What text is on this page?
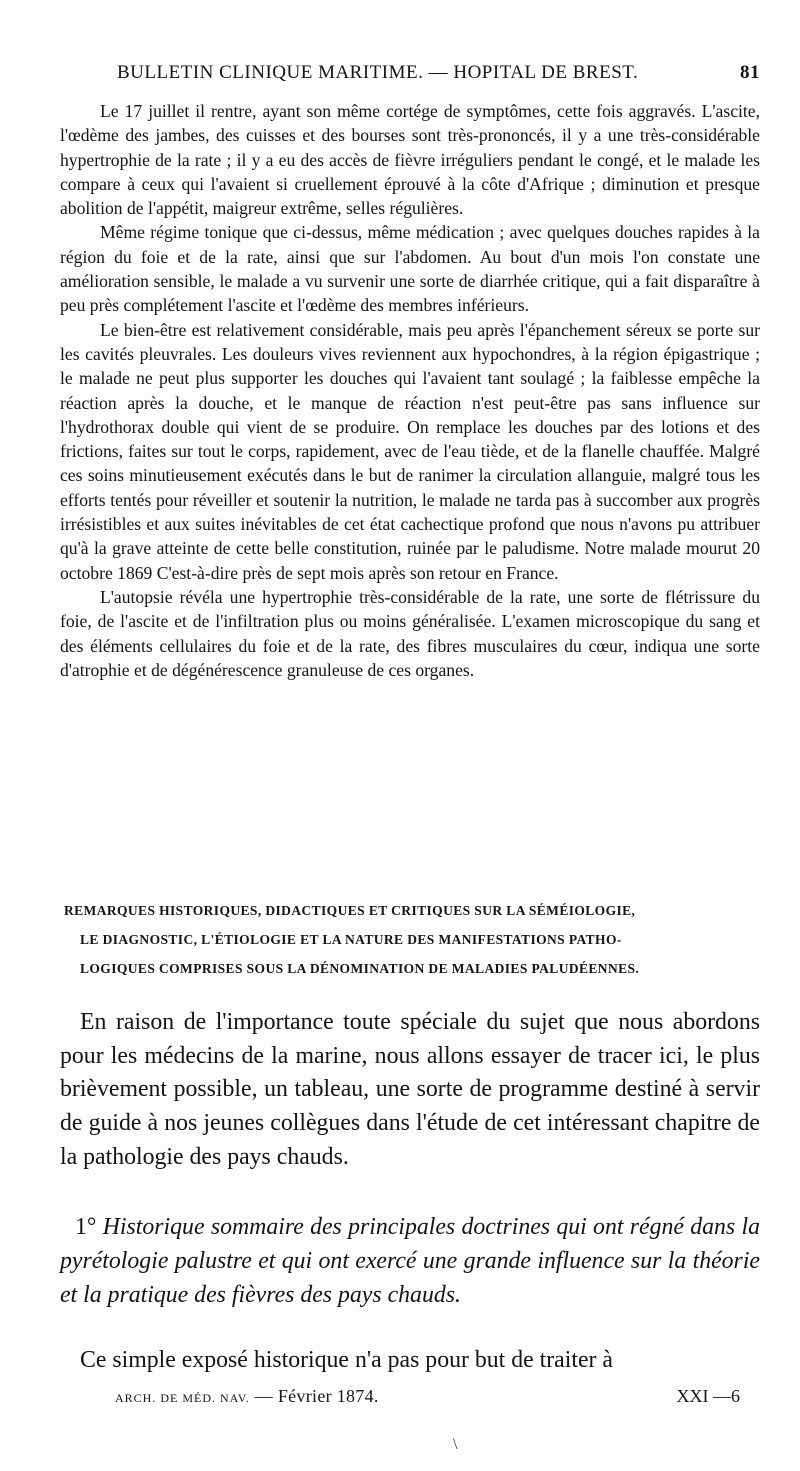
BULLETIN CLINIQUE MARITIME. — HOPITAL DE BREST.	81

Le 17 juillet il rentre, ayant son même cortége de symptômes, cette fois aggravés. L'ascite, l'œdème des jambes, des cuisses et des bourses sont très-prononcés, il y a une très-considérable hypertrophie de la rate ; il y a eu des accès de fièvre irréguliers pendant le congé, et le malade les compare à ceux qui l'avaient si cruellement éprouvé à la côte d'Afrique ; diminution et presque abolition de l'appétit, maigreur extrême, selles régulières.

Même régime tonique que ci-dessus, même médication ; avec quelques douches rapides à la région du foie et de la rate, ainsi que sur l'abdomen. Au bout d'un mois l'on constate une amélioration sensible, le malade a vu survenir une sorte de diarrhée critique, qui a fait disparaître à peu près complétement l'ascite et l'œdème des membres inférieurs.

Le bien-être est relativement considérable, mais peu après l'épanchement séreux se porte sur les cavités pleuvrales. Les douleurs vives reviennent aux hypochondres, à la région épigastrique ; le malade ne peut plus supporter les douches qui l'avaient tant soulagé ; la faiblesse empêche la réaction après la douche, et le manque de réaction n'est peut-être pas sans influence sur l'hydrothorax double qui vient de se produire. On remplace les douches par des lotions et des frictions, faites sur tout le corps, rapidement, avec de l'eau tiède, et de la flanelle chauffée. Malgré ces soins minutieusement exécutés dans le but de ranimer la circulation allanguie, malgré tous les efforts tentés pour réveiller et soutenir la nutrition, le malade ne tarda pas à succomber aux progrès irrésistibles et aux suites inévitables de cet état cachectique profond que nous n'avons pu attribuer qu'à la grave atteinte de cette belle constitution, ruinée par le paludisme. Notre malade mourut 20 octobre 1869 C'est-à-dire près de sept mois après son retour en France.

L'autopsie révéla une hypertrophie très-considérable de la rate, une sorte de flétrissure du foie, de l'ascite et de l'infiltration plus ou moins généralisée. L'examen microscopique du sang et des éléments cellulaires du foie et de la rate, des fibres musculaires du cœur, indiqua une sorte d'atrophie et de dégénérescence granuleuse de ces organes.

REMARQUES HISTORIQUES, DIDACTIQUES ET CRITIQUES SUR LA SÉMÉIOLOGIE,
LE DIAGNOSTIC, L'ÉTIOLOGIE ET LA NATURE DES MANIFESTATIONS PATHO-
LOGIQUES COMPRISES SOUS LA DÉNOMINATION DE MALADIES PALUDÉENNES.

En raison de l'importance toute spéciale du sujet que nous abordons pour les médecins de la marine, nous allons essayer de tracer ici, le plus brièvement possible, un tableau, une sorte de programme destiné à servir de guide à nos jeunes collègues dans l'étude de cet intéressant chapitre de la pathologie des pays chauds.

1° Historique sommaire des principales doctrines qui ont régné dans la pyrétologie palustre et qui ont exercé une grande influence sur la théorie et la pratique des fièvres des pays chauds.

Ce simple exposé historique n'a pas pour but de traiter à

ARCH. DE MÉD. NAV. — Février 1874.	XXI —6
\
